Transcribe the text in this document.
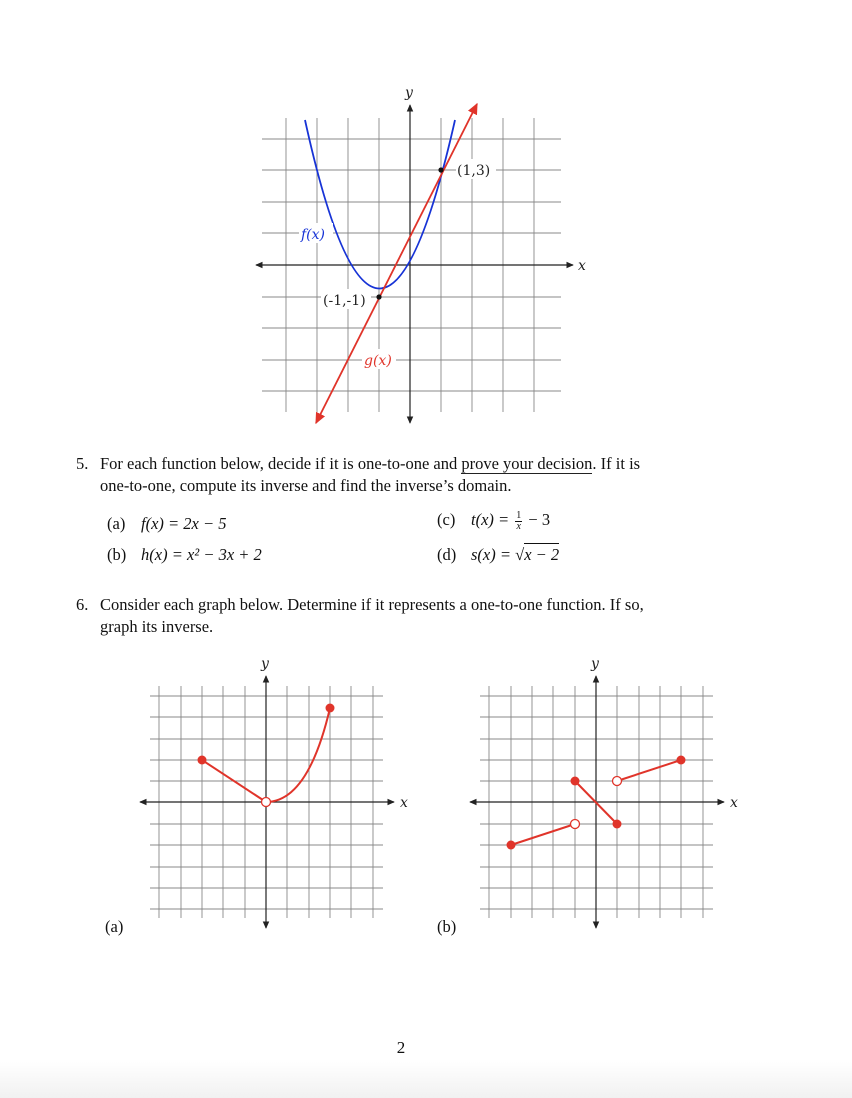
x
y
f(x)
g(x)
(1,3)
(-1,-1)
5. For each function below, decide if it is one-to-one and prove your decision. If it is
one-to-one, compute its inverse and find the inverse’s domain.
(a) f(x) = 2x − 5
(b) h(x) = x² − 3x + 2
(c) $t(x) = \frac{1}{x} - 3$
(d) s(x) = √x − 2
6. Consider each graph below. Determine if it represents a one-to-one function. If so,
graph its inverse.
x
y
(a)
x
y
(b)
2
